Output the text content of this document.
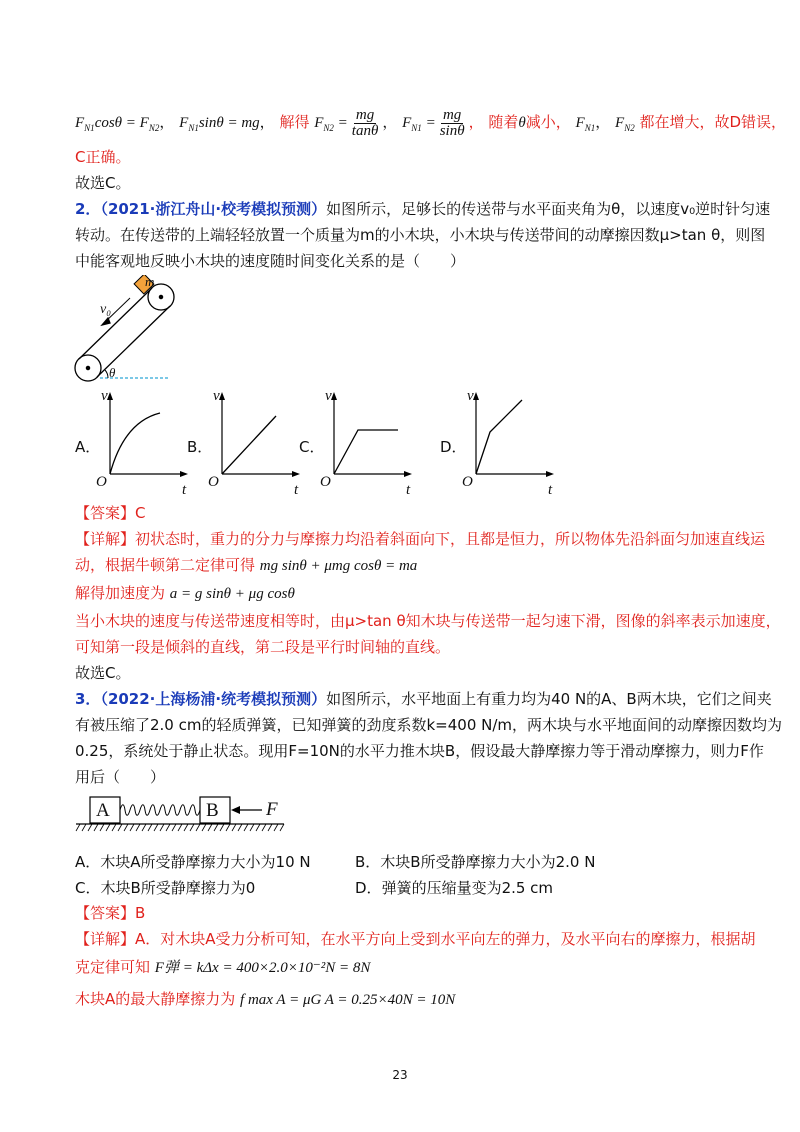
$F_{N1}\cos\theta = F_{N2}$， $F_{N1}\sin\theta$ = mg， 解得 $F_{N2} = \frac{mg}{\tan\theta}$ ， $F_{N1} = \frac{mg}{\sin\theta}$ ， 随着θ减小， $F_{N1}$， $F_{N2}$ 都在增大，故D错误，
C正确。
故选C。
2．（2021·浙江舟山·校考模拟预测）如图所示，足够长的传送带与水平面夹角为θ，以速度v₀逆时针匀速
转动。在传送带的上端轻轻放置一个质量为m的小木块，小木块与传送带间的动摩擦因数μ>tan θ，则图
中能客观地反映小木块的速度随时间变化关系的是（　　）
m
v₀
θ
A．
v
O	t
B．
v
O	t
C．
v
O	t
D．
v
O	t
【答案】C
【详解】初状态时，重力的分力与摩擦力均沿着斜面向下，且都是恒力，所以物体先沿斜面匀加速直线运
动，根据牛顿第二定律可得 mg sinθ + μmg cosθ = ma
解得加速度为 a = g sinθ + μg cosθ
当小木块的速度与传送带速度相等时，由μ>tan θ知木块与传送带一起匀速下滑，图像的斜率表示加速度，
可知第一段是倾斜的直线，第二段是平行时间轴的直线。
故选C。
3．（2022·上海杨浦·统考模拟预测）如图所示，水平地面上有重力均为40 N的A、B两木块，它们之间夹
有被压缩了2.0 cm的轻质弹簧，已知弹簧的劲度系数k=400 N/m，两木块与水平地面间的动摩擦因数均为
0.25，系统处于静止状态。现用F=10N的水平力推木块B，假设最大静摩擦力等于滑动摩擦力，则力F作
用后（　　）
A	B F
A．木块A所受静摩擦力大小为10 N	B．木块B所受静摩擦力大小为2.0 N
C．木块B所受静摩擦力为0	D．弹簧的压缩量变为2.5 cm
【答案】B
【详解】A．对木块A受力分析可知，在水平方向上受到水平向左的弹力，及水平向右的摩擦力，根据胡
克定律可知 F弹 = kΔx = 400×2.0×10⁻²N = 8N
木块A的最大静摩擦力为 f max A = μG A = 0.25×40N = 10N
23
